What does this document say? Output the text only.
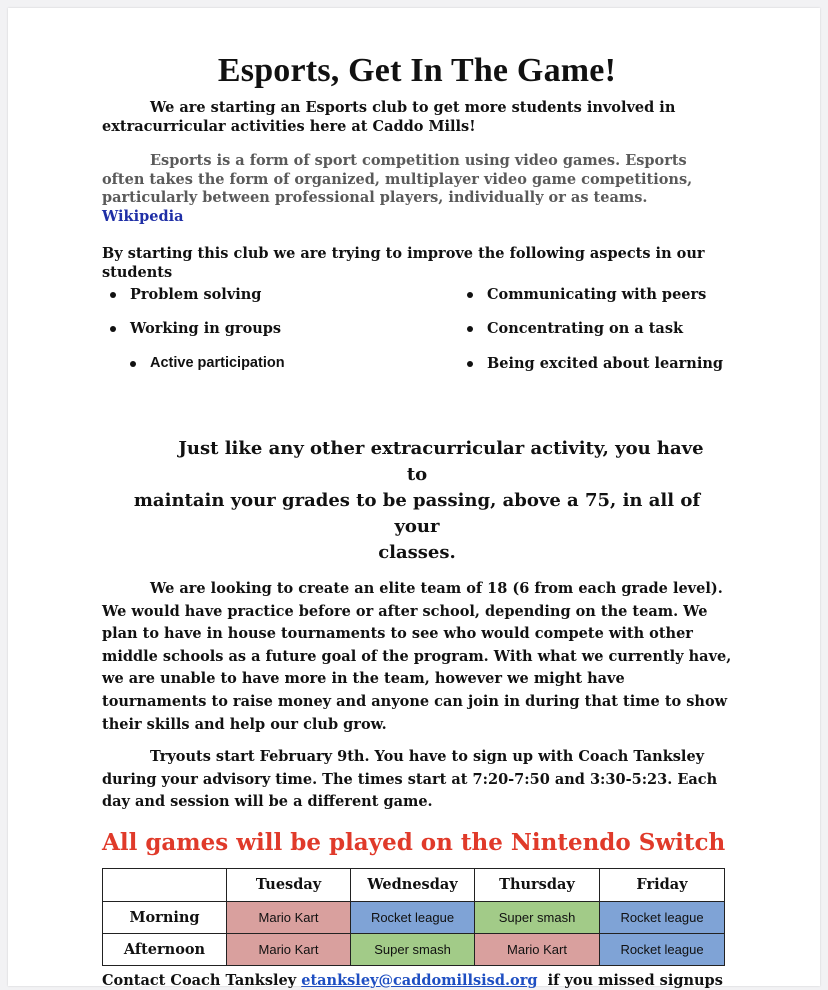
Esports, Get In The Game!

We are starting an Esports club to get more students involved in extracurricular activities here at Caddo Mills!

Esports is a form of sport competition using video games. Esports often takes the form of organized, multiplayer video game competitions, particularly between professional players, individually or as teams. Wikipedia

By starting this club we are trying to improve the following aspects in our students

Problem solving
Working in groups
Active participation
Communicating with peers
Concentrating on a task
Being excited about learning

Just like any other extracurricular activity, you have to
maintain your grades to be passing, above a 75, in all of your
classes.

We are looking to create an elite team of 18 (6 from each grade level). We would have practice before or after school, depending on the team. We plan to have in house tournaments to see who would compete with other middle schools as a future goal of the program. With what we currently have, we are unable to have more in the team, however we might have tournaments to raise money and anyone can join in during that time to show their skills and help our club grow.

Tryouts start February 9th. You have to sign up with Coach Tanksley during your advisory time. The times start at 7:20-7:50 and 3:30-5:23. Each day and session will be a different game.

All games will be played on the Nintendo Switch

	Tuesday	Wednesday	Thursday	Friday
Morning	Mario Kart	Rocket league	Super smash	Rocket league
Afternoon	Mario Kart	Super smash	Mario Kart	Rocket league

Contact Coach Tanksley etanksley@caddomillsisd.org if you missed signups
